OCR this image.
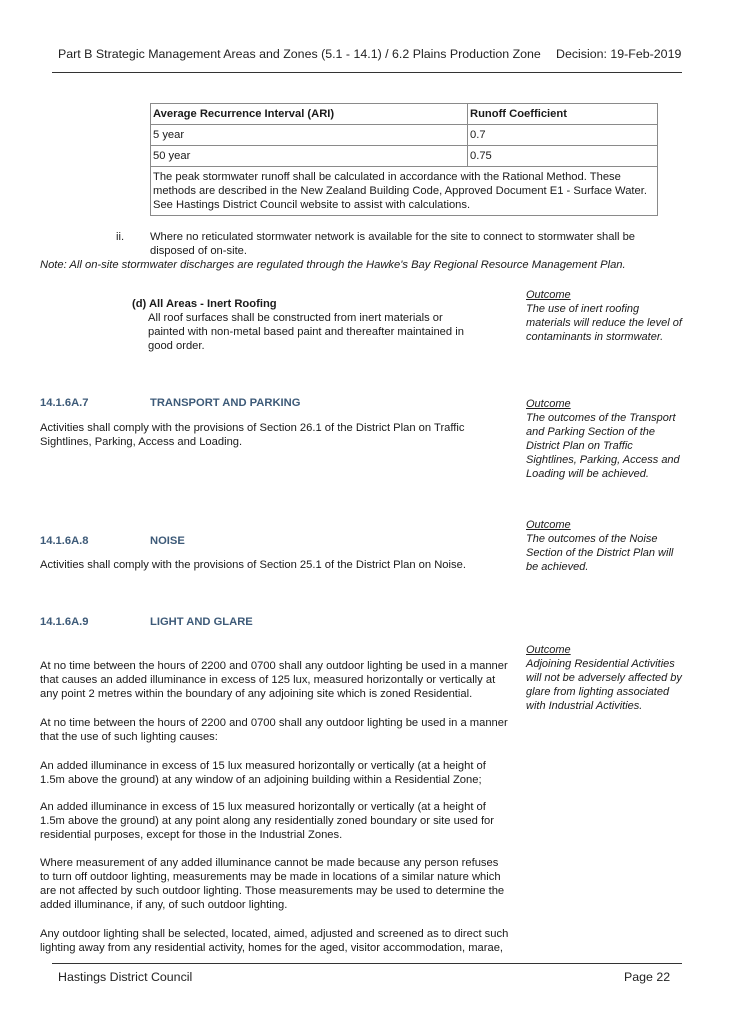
Part B Strategic Management Areas and Zones (5.1 - 14.1) / 6.2 Plains Production Zone Decision: 19-Feb-2019
Average Recurrence Interval (ARI)	Runoff Coefficient
5 year	0.7
50 year	0.75
The peak stormwater runoff shall be calculated in accordance with the Rational Method. These methods are described in the New Zealand Building Code, Approved Document E1 - Surface Water. See Hastings District Council website to assist with calculations.	
ii. Where no reticulated stormwater network is available for the site to connect to stormwater shall be disposed of on-site.
Note: All on-site stormwater discharges are regulated through the Hawke's Bay Regional Resource Management Plan.
(d) All Areas - Inert Roofing
All roof surfaces shall be constructed from inert materials or painted with non-metal based paint and thereafter maintained in good order.
Outcome
The use of inert roofing materials will reduce the level of contaminants in stormwater.
14.1.6A.7	TRANSPORT AND PARKING
Activities shall comply with the provisions of Section 26.1 of the District Plan on Traffic Sightlines, Parking, Access and Loading.
Outcome
The outcomes of the Transport and Parking Section of the District Plan on Traffic Sightlines, Parking, Access and Loading will be achieved.
Outcome
The outcomes of the Noise Section of the District Plan will be achieved.
14.1.6A.8	NOISE
Activities shall comply with the provisions of Section 25.1 of the District Plan on Noise.
14.1.6A.9	LIGHT AND GLARE
Outcome
Adjoining Residential Activities will not be adversely affected by glare from lighting associated with Industrial Activities.
At no time between the hours of 2200 and 0700 shall any outdoor lighting be used in a manner that causes an added illuminance in excess of 125 lux, measured horizontally or vertically at any point 2 metres within the boundary of any adjoining site which is zoned Residential.
At no time between the hours of 2200 and 0700 shall any outdoor lighting be used in a manner that the use of such lighting causes:
An added illuminance in excess of 15 lux measured horizontally or vertically (at a height of 1.5m above the ground) at any window of an adjoining building within a Residential Zone;
An added illuminance in excess of 15 lux measured horizontally or vertically (at a height of 1.5m above the ground) at any point along any residentially zoned boundary or site used for residential purposes, except for those in the Industrial Zones.
Where measurement of any added illuminance cannot be made because any person refuses to turn off outdoor lighting, measurements may be made in locations of a similar nature which are not affected by such outdoor lighting. Those measurements may be used to determine the added illuminance, if any, of such outdoor lighting.
Any outdoor lighting shall be selected, located, aimed, adjusted and screened as to direct such lighting away from any residential activity, homes for the aged, visitor accommodation, marae,
Hastings District Council	Page 22
